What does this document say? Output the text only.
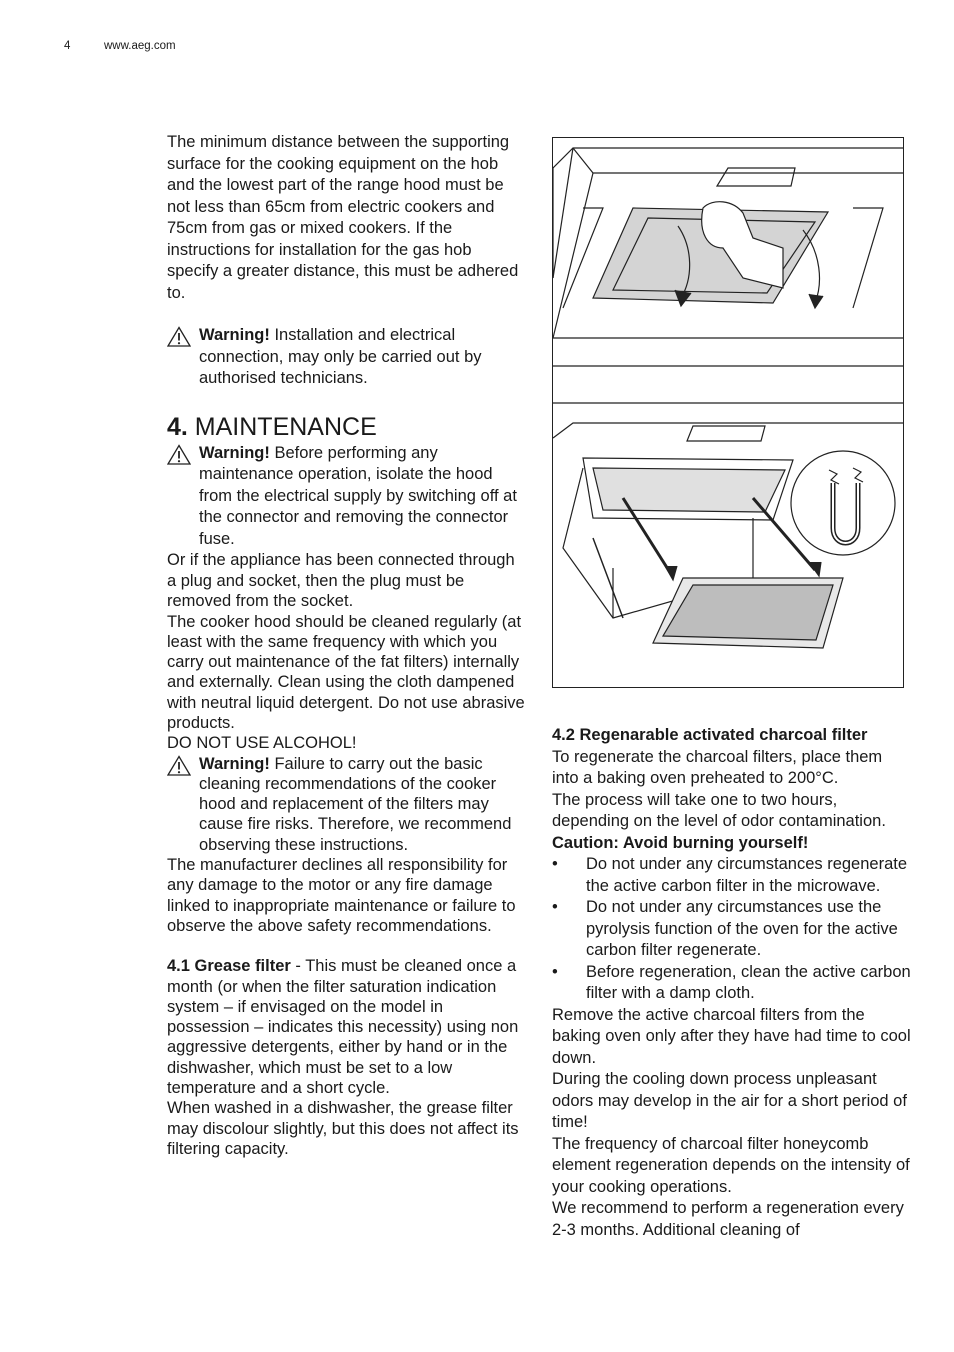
4	www.aeg.com

The minimum distance between the supporting surface for the cooking equipment on the hob and the lowest part of the range hood must be not less than 65cm from electric cookers and 75cm from gas or mixed cookers. If the instructions for installation for the gas hob specify a greater distance, this must be adhered to.

Warning! Installation and electrical connection, may only be carried out by authorised technicians.

4. MAINTENANCE

Warning! Before performing any maintenance operation, isolate the hood from the electrical supply by switching off at the connector and removing the connector fuse.

Or if the appliance has been connected through a plug and socket, then the plug must be removed from the socket.

The cooker hood should be cleaned regularly (at least with the same frequency with which you carry out maintenance of the fat filters) internally and externally. Clean using the cloth dampened with neutral liquid detergent. Do not use abrasive products.

DO NOT USE ALCOHOL!

Warning! Failure to carry out the basic cleaning recommendations of the cooker hood and replacement of the filters may cause fire risks. Therefore, we recommend observing these instructions.

The manufacturer declines all responsibility for any damage to the motor or any fire damage linked to inappropriate maintenance or failure to observe the above safety recommendations.

4.1 Grease filter - This must be cleaned once a month (or when the filter saturation indication system – if envisaged on the model in possession – indicates this necessity) using non aggressive detergents, either by hand or in the dishwasher, which must be set to a low temperature and a short cycle.

When washed in a dishwasher, the grease filter may discolour slightly, but this does not affect its filtering capacity.

4.2 Regenarable activated charcoal filter

To regenerate the charcoal filters, place them into a baking oven preheated to 200°C.

The process will take one to two hours, depending on the level of odor contamination.

Caution: Avoid burning yourself!

• Do not under any circumstances regenerate the active carbon filter in the microwave.

• Do not under any circumstances use the pyrolysis function of the oven for the active carbon filter regenerate.

• Before regeneration, clean the active carbon filter with a damp cloth.

Remove the active charcoal filters from the baking oven only after they have had time to cool down.

During the cooling down process unpleasant odors may develop in the air for a short period of time!

The frequency of charcoal filter honeycomb element regeneration depends on the intensity of your cooking operations.

We recommend to perform a regeneration every 2-3 months. Additional cleaning of
